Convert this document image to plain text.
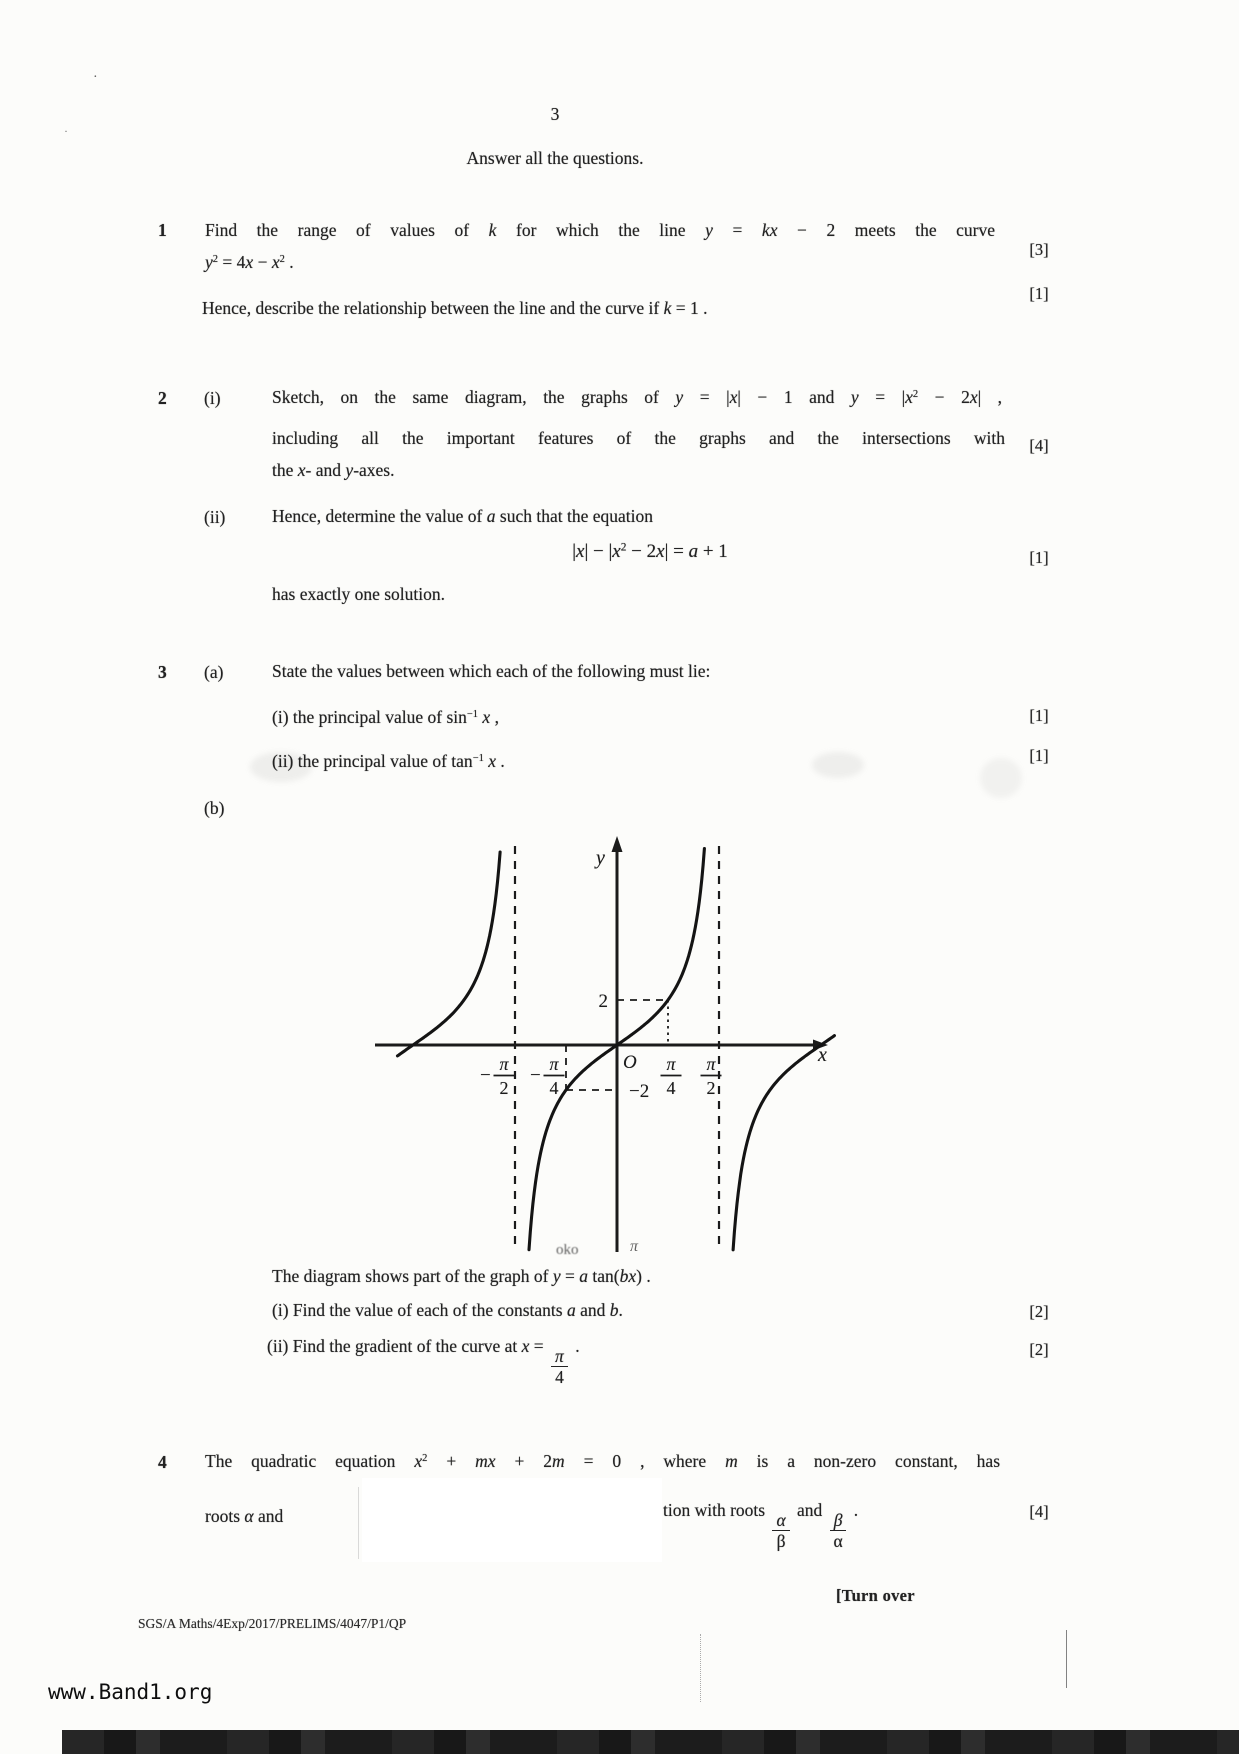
·
·
3
Answer all the questions.
1 Find the range of values of k for which the line y = kx − 2 meets the curve
$y^2 = 4x - x^2$ .
Hence, describe the relationship between the line and the curve if k = 1 .
[3]
[1]
2 (i)	Sketch, on the same diagram, the graphs of y = |x| − 1 and $y = |x^2 - 2x|$ ,
including all the important features of the graphs and the intersections with
the x- and y-axes.
[4]
(ii)	Hence, determine the value of a such that the equation
$|x| - |x^2 - 2x| = a + 1$
has exactly one solution.
[1]
3 (a)	State the values between which each of the following must lie:
(i) the principal value of $\sin^{-1} x$ ,
(ii) the principal value of $\tan^{-1} x$ .
[1]
[1]
(b)
2
−2
y
x
O
−
π
2
−
π
4
π
4
π
2
oko	π
The diagram shows part of the graph of y = a tan(bx) .
(i) Find the value of each of the constants a and b.
(ii) Find the gradient of the curve at x =
$\frac{\pi}{4}$
.
[2]
[2]
4 The quadratic equation $x^2$ + mx + 2m = 0 , where m is a non-zero constant, has
roots α and	tion with roots
$\frac{\alpha}{\beta}$
and
$\frac{\beta}{\alpha}$
.	[4]
[Turn over
SGS/A Maths/4Exp/2017/PRELIMS/4047/P1/QP
www.Band1.org
